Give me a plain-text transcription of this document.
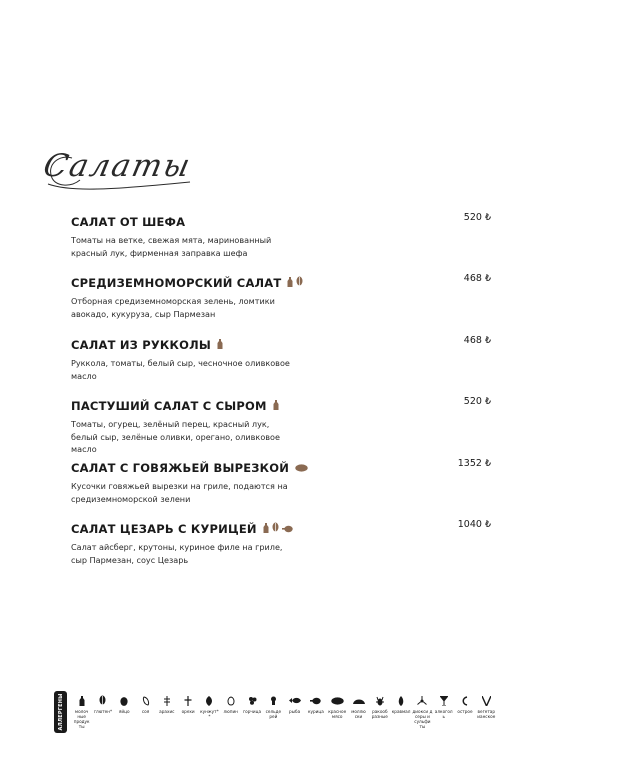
Салаты
САЛАТ ОТ ШЕФА	520 ₺
Томаты на ветке, свежая мята, маринованный красный лук, фирменная заправка шефа
СРЕДИЗЕМНОМОРСКИЙ САЛАТ	468 ₺
Отборная средиземноморская зелень, ломтики авокадо, кукуруза, сыр Пармезан
САЛАТ ИЗ РУККОЛЫ	468 ₺
Руккола, томаты, белый сыр, чесночное оливковое масло
ПАСТУШИЙ САЛАТ С СЫРОМ	520 ₺
Томаты, огурец, зелёный перец, красный лук, белый сыр, зелёные оливки, орегано, оливковое масло
САЛАТ С ГОВЯЖЬЕЙ ВЫРЕЗКОЙ	1352 ₺
Кусочки говяжьей вырезки на гриле, подаются на средиземноморской зелени
САЛАТ ЦЕЗАРЬ С КУРИЦЕЙ	1040 ₺
Салат айсберг, крутоны, куриное филе на гриле, сыр Пармезан, соус Цезарь
АЛЛЕРГЕНЫ	молоч ные продук ты
глютен*	яйцо	соя	арахис	орехи	кунжут**
люпин	горчица	сельде рей
рыба	курица	красное мясо
моллю ски
ракооб разные
кравмал диокси д серы и сульфи ты
алкоголь
острое	вегетар ианское
